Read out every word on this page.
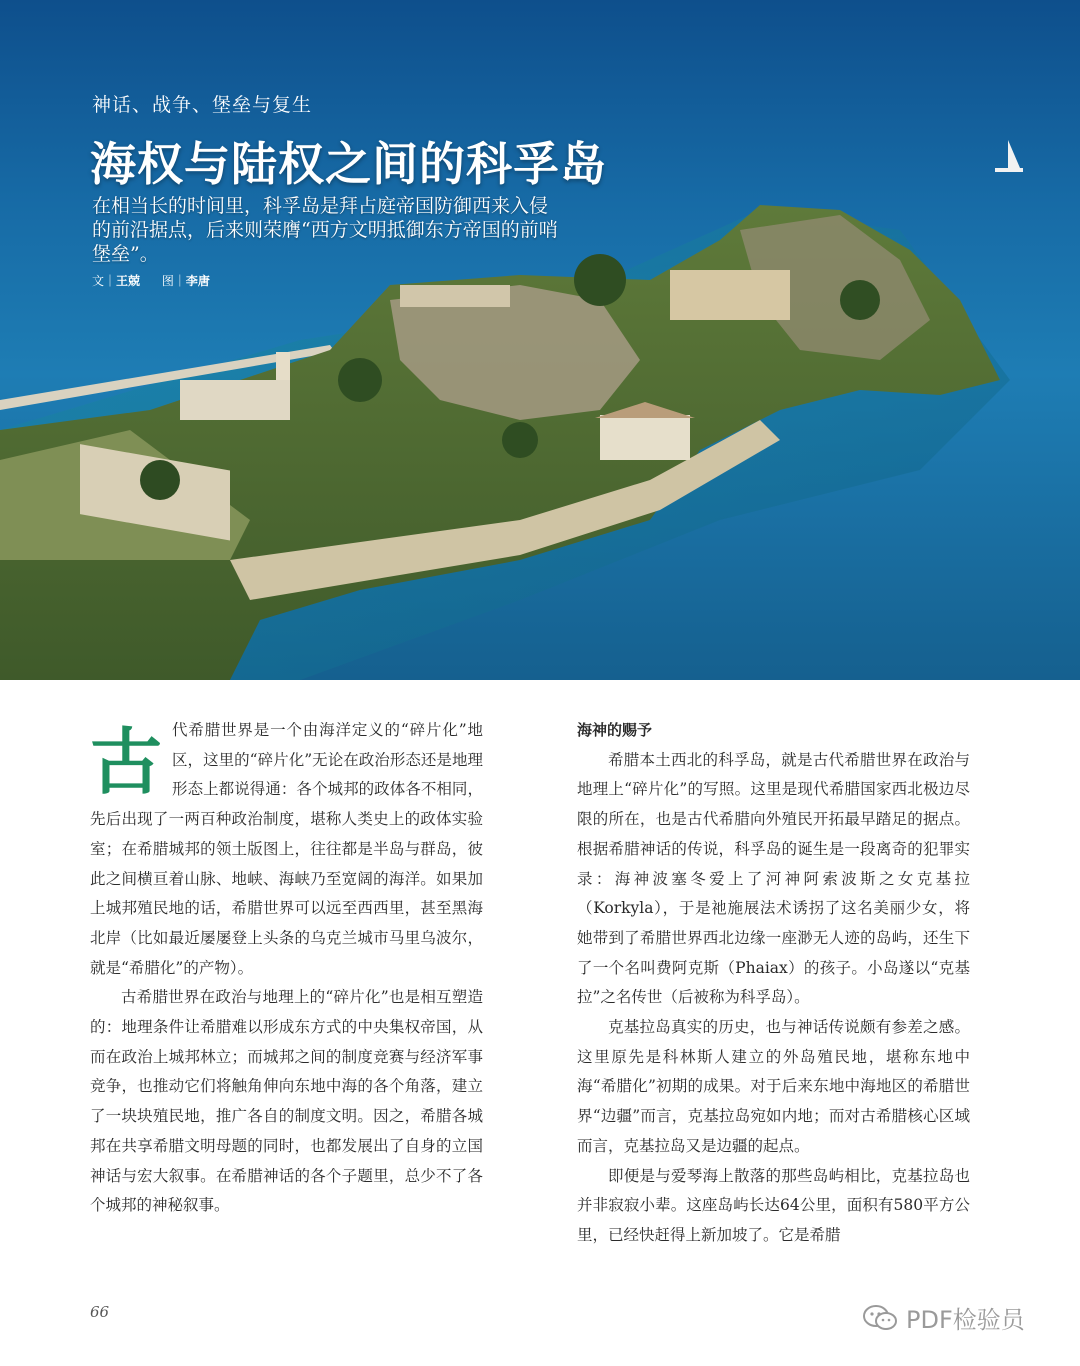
神话、战争、堡垒与复生
海权与陆权之间的科孚岛
在相当长的时间里，科孚岛是拜占庭帝国防御西来入侵的前沿据点，后来则荣膺“西方文明抵御东方帝国的前哨堡垒”。
文｜王兢 图｜李唐

古代希腊世界是一个由海洋定义的“碎片化”地区，这里的“碎片化”无论在政治形态还是地理形态上都说得通：各个城邦的政体各不相同，先后出现了一两百种政治制度，堪称人类史上的政体实验室；在希腊城邦的领土版图上，往往都是半岛与群岛，彼此之间横亘着山脉、地峡、海峡乃至宽阔的海洋。如果加上城邦殖民地的话，希腊世界可以远至西西里，甚至黑海北岸（比如最近屡屡登上头条的乌克兰城市马里乌波尔，就是“希腊化”的产物）。

古希腊世界在政治与地理上的“碎片化”也是相互塑造的：地理条件让希腊难以形成东方式的中央集权帝国，从而在政治上城邦林立；而城邦之间的制度竞赛与经济军事竞争，也推动它们将触角伸向东地中海的各个角落，建立了一块块殖民地，推广各自的制度文明。因之，希腊各城邦在共享希腊文明母题的同时，也都发展出了自身的立国神话与宏大叙事。在希腊神话的各个子题里，总少不了各个城邦的神秘叙事。

海神的赐予

希腊本土西北的科孚岛，就是古代希腊世界在政治与地理上“碎片化”的写照。这里是现代希腊国家西北极边尽限的所在，也是古代希腊向外殖民开拓最早踏足的据点。根据希腊神话的传说，科孚岛的诞生是一段离奇的犯罪实录：海神波塞冬爱上了河神阿索波斯之女克基拉（Korkyla），于是祂施展法术诱拐了这名美丽少女，将她带到了希腊世界西北边缘一座渺无人迹的岛屿，还生下了一个名叫费阿克斯（Phaiax）的孩子。小岛遂以“克基拉”之名传世（后被称为科孚岛）。

克基拉岛真实的历史，也与神话传说颇有参差之感。这里原先是科林斯人建立的外岛殖民地，堪称东地中海“希腊化”初期的成果。对于后来东地中海地区的希腊世界“边疆”而言，克基拉岛宛如内地；而对古希腊核心区域而言，克基拉岛又是边疆的起点。

即便是与爱琴海上散落的那些岛屿相比，克基拉岛也并非寂寂小辈。这座岛屿长达64公里，面积有580平方公里，已经快赶得上新加坡了。它是希腊

66	PDF检验员
